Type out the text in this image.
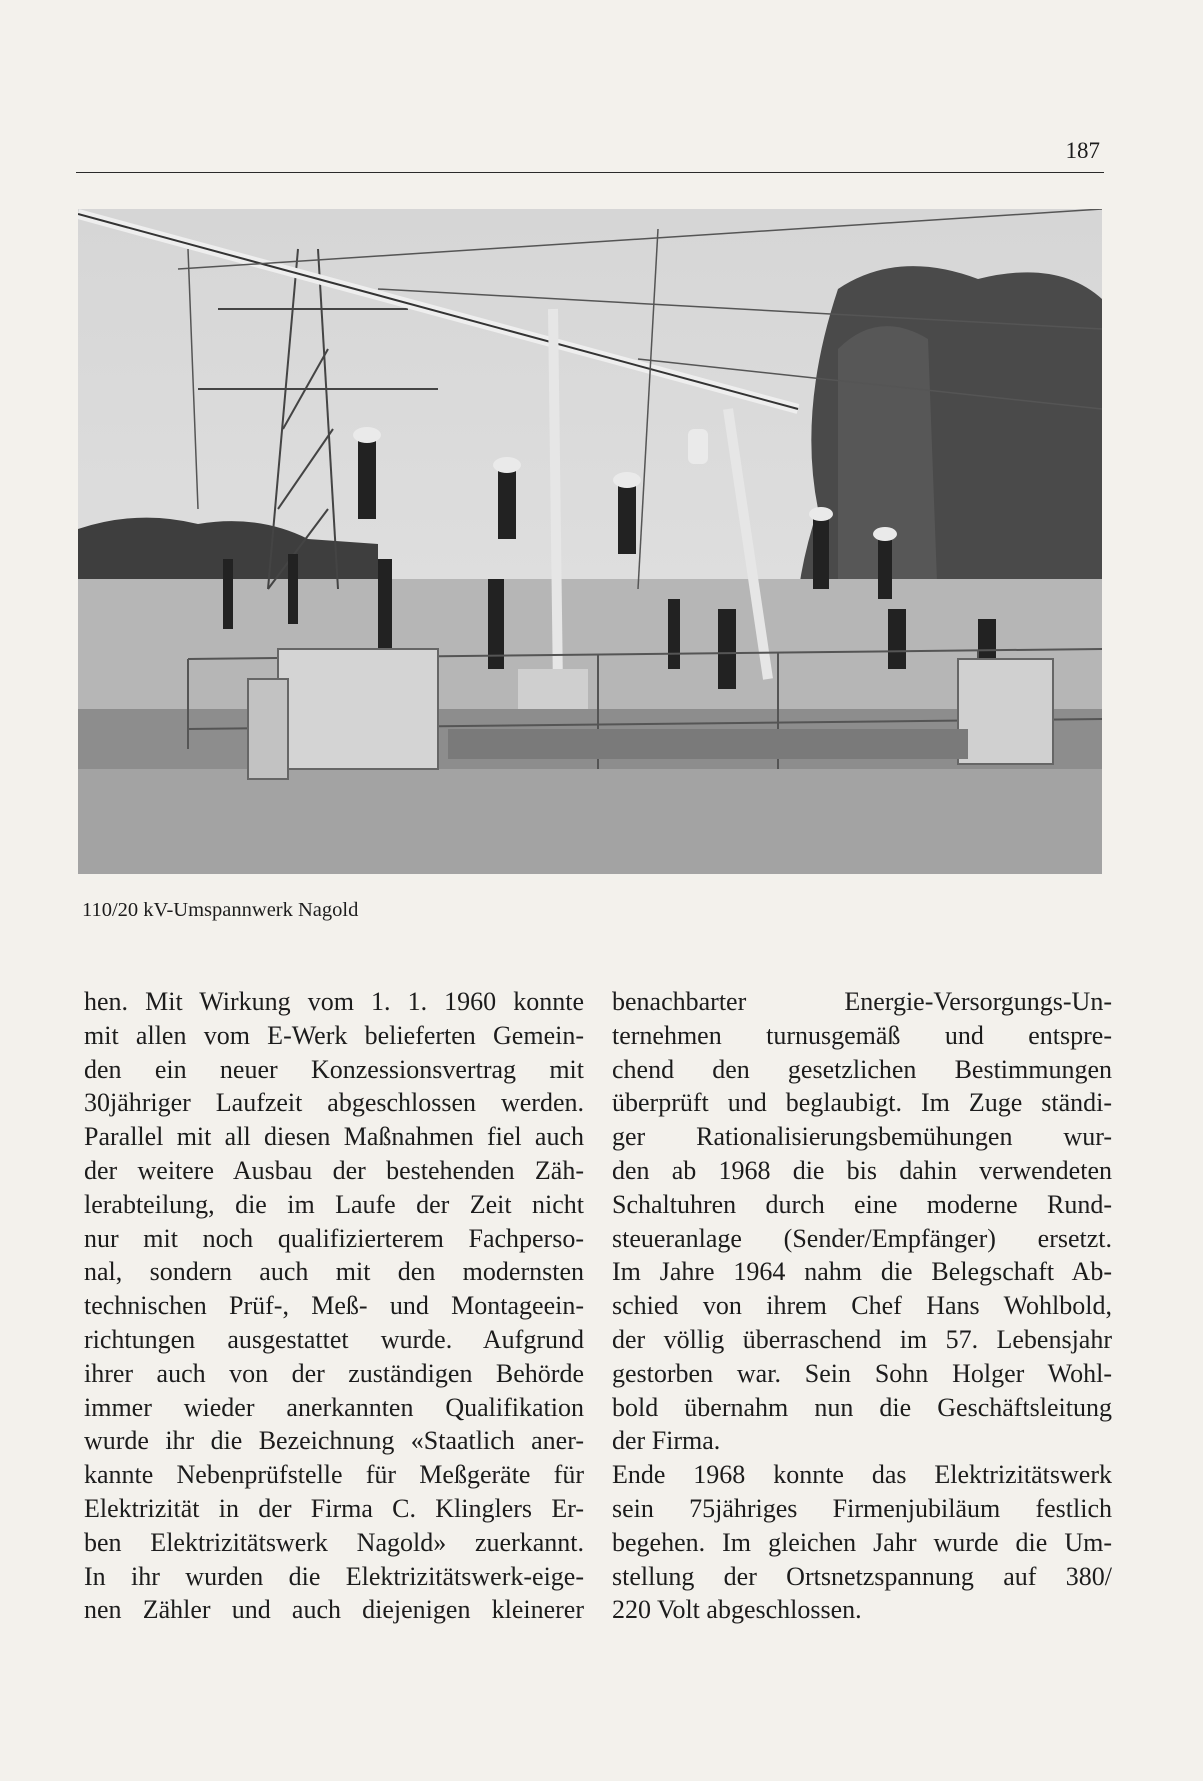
187
110/20 kV-Umspannwerk Nagold
hen. Mit Wirkung vom 1. 1. 1960 konnte
mit allen vom E-Werk belieferten Gemein-
den ein neuer Konzessionsvertrag mit
30jähriger Laufzeit abgeschlossen werden.
Parallel mit all diesen Maßnahmen fiel auch
der weitere Ausbau der bestehenden Zäh-
lerabteilung, die im Laufe der Zeit nicht
nur mit noch qualifizierterem Fachperso-
nal, sondern auch mit den modernsten
technischen Prüf-, Meß- und Montageein-
richtungen ausgestattet wurde. Aufgrund
ihrer auch von der zuständigen Behörde
immer wieder anerkannten Qualifikation
wurde ihr die Bezeichnung «Staatlich aner-
kannte Nebenprüfstelle für Meßgeräte für
Elektrizität in der Firma C. Klinglers Er-
ben Elektrizitätswerk Nagold» zuerkannt.
In ihr wurden die Elektrizitätswerk-eige-
nen Zähler und auch diejenigen kleinerer
benachbarter Energie-Versorgungs-Un-
ternehmen turnusgemäß und entspre-
chend den gesetzlichen Bestimmungen
überprüft und beglaubigt. Im Zuge ständi-
ger Rationalisierungsbemühungen wur-
den ab 1968 die bis dahin verwendeten
Schaltuhren durch eine moderne Rund-
steueranlage (Sender/Empfänger) ersetzt.
Im Jahre 1964 nahm die Belegschaft Ab-
schied von ihrem Chef Hans Wohlbold,
der völlig überraschend im 57. Lebensjahr
gestorben war. Sein Sohn Holger Wohl-
bold übernahm nun die Geschäftsleitung
der Firma.
Ende 1968 konnte das Elektrizitätswerk
sein 75jähriges Firmenjubiläum festlich
begehen. Im gleichen Jahr wurde die Um-
stellung der Ortsnetzspannung auf 380/
220 Volt abgeschlossen.
